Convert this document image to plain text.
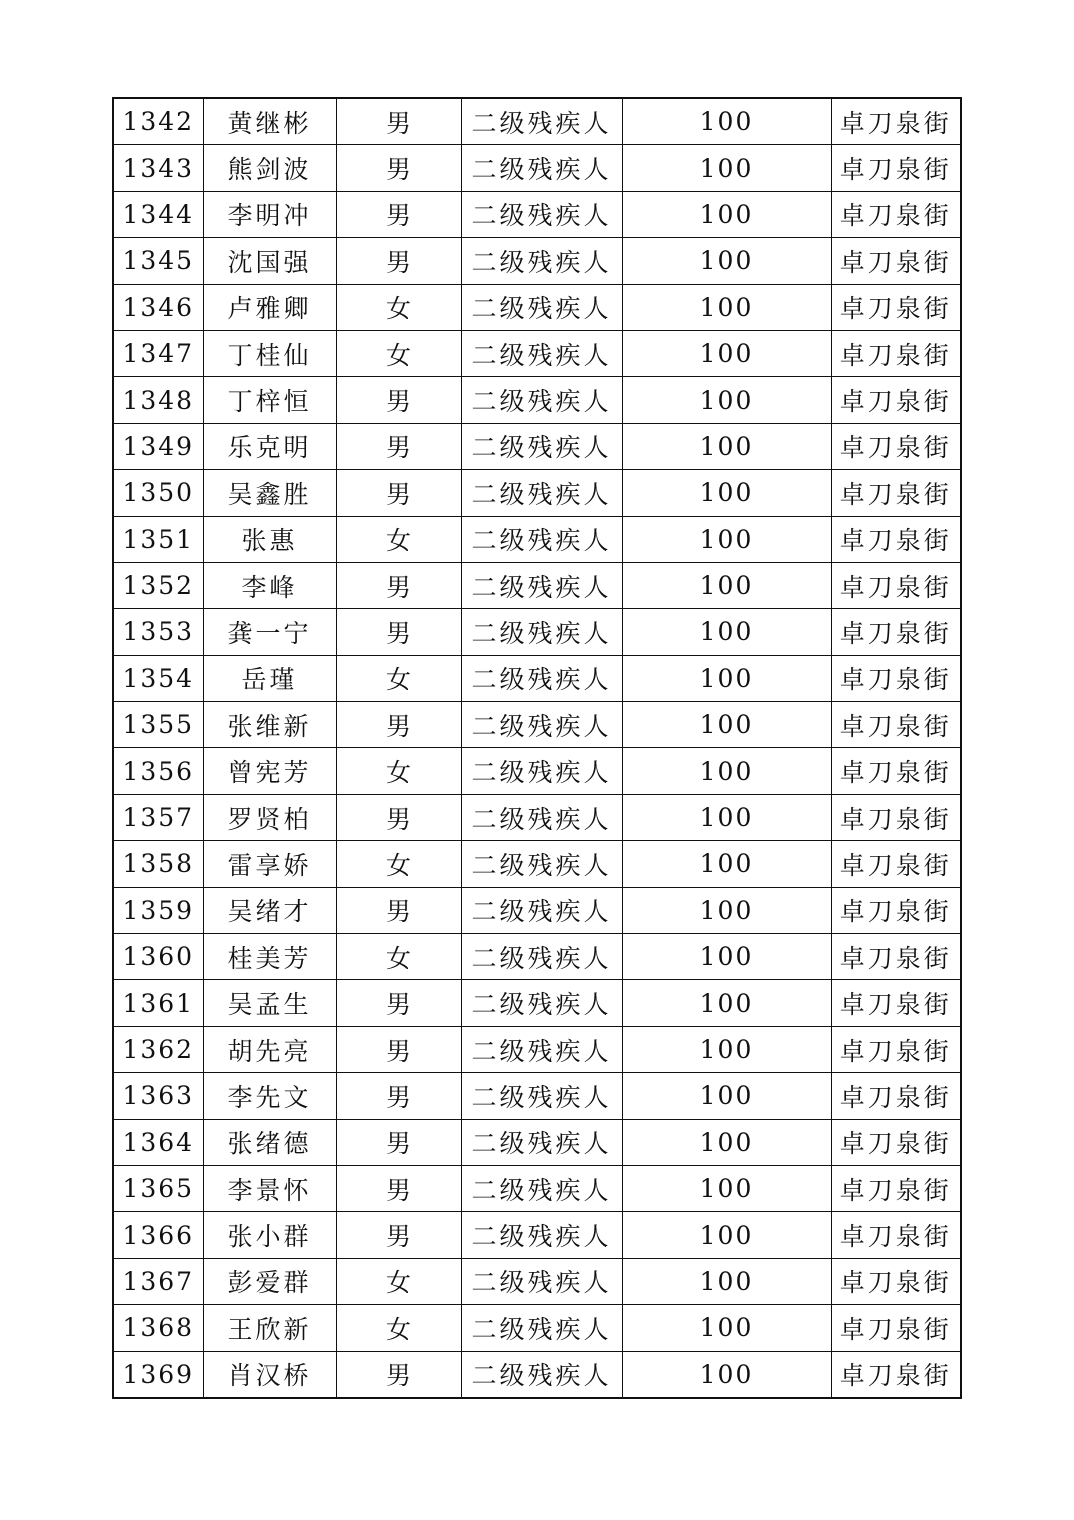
1342	黄继彬	男	二级残疾人	100	卓刀泉街
1343	熊剑波	男	二级残疾人	100	卓刀泉街
1344	李明冲	男	二级残疾人	100	卓刀泉街
1345	沈国强	男	二级残疾人	100	卓刀泉街
1346	卢雅卿	女	二级残疾人	100	卓刀泉街
1347	丁桂仙	女	二级残疾人	100	卓刀泉街
1348	丁梓恒	男	二级残疾人	100	卓刀泉街
1349	乐克明	男	二级残疾人	100	卓刀泉街
1350	吴鑫胜	男	二级残疾人	100	卓刀泉街
1351	张惠	女	二级残疾人	100	卓刀泉街
1352	李峰	男	二级残疾人	100	卓刀泉街
1353	龚一宁	男	二级残疾人	100	卓刀泉街
1354	岳瑾	女	二级残疾人	100	卓刀泉街
1355	张维新	男	二级残疾人	100	卓刀泉街
1356	曾宪芳	女	二级残疾人	100	卓刀泉街
1357	罗贤柏	男	二级残疾人	100	卓刀泉街
1358	雷享娇	女	二级残疾人	100	卓刀泉街
1359	吴绪才	男	二级残疾人	100	卓刀泉街
1360	桂美芳	女	二级残疾人	100	卓刀泉街
1361	吴孟生	男	二级残疾人	100	卓刀泉街
1362	胡先亮	男	二级残疾人	100	卓刀泉街
1363	李先文	男	二级残疾人	100	卓刀泉街
1364	张绪德	男	二级残疾人	100	卓刀泉街
1365	李景怀	男	二级残疾人	100	卓刀泉街
1366	张小群	男	二级残疾人	100	卓刀泉街
1367	彭爱群	女	二级残疾人	100	卓刀泉街
1368	王欣新	女	二级残疾人	100	卓刀泉街
1369	肖汉桥	男	二级残疾人	100	卓刀泉街
